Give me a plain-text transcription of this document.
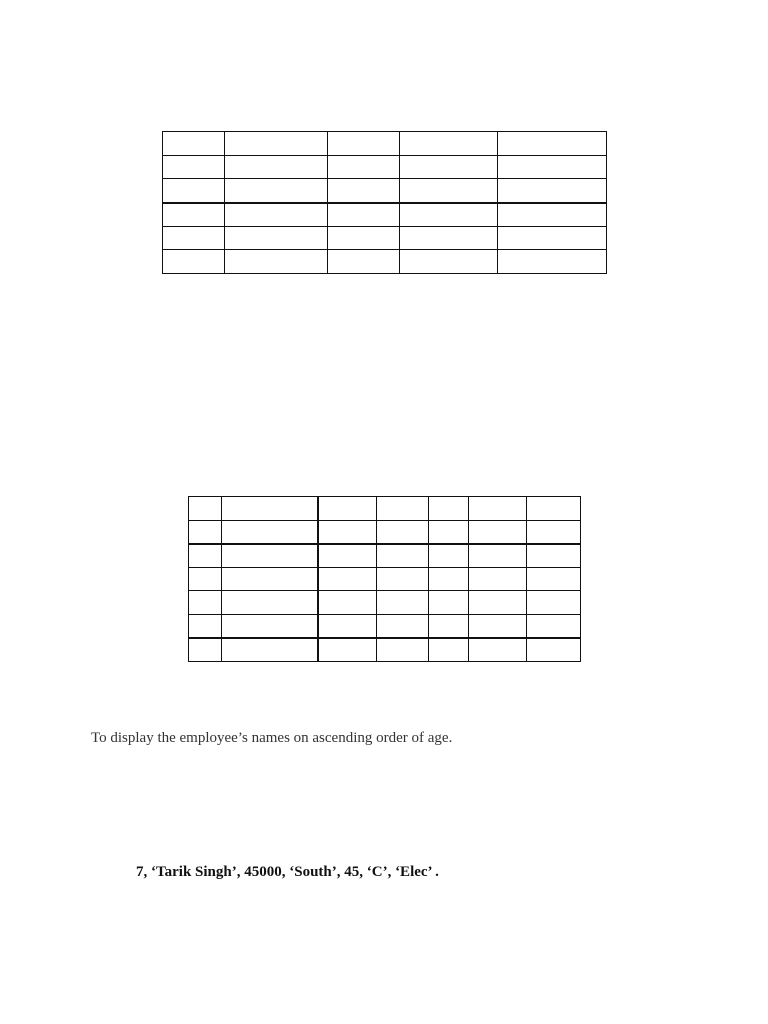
To display the employee’s names on ascending order of age.
7, ‘Tarik Singh’, 45000, ‘South’, 45, ‘C’, ‘Elec’ .
